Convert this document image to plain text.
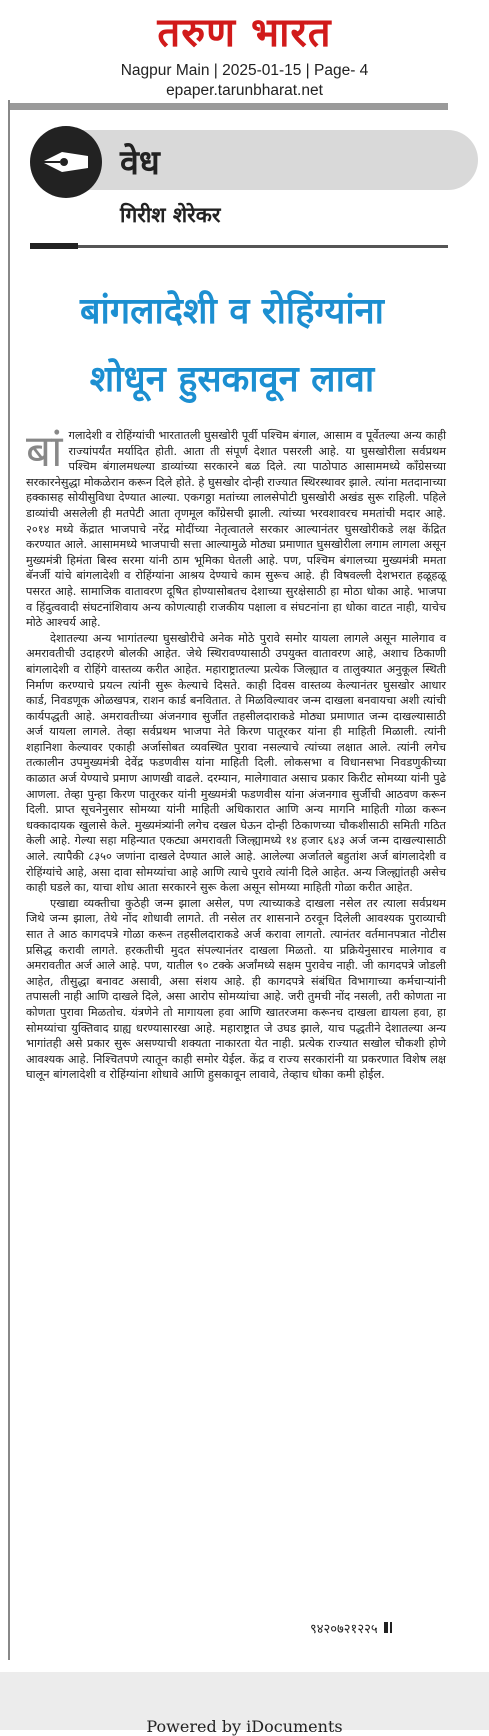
तरुण भारत
Nagpur Main | 2025-01-15 | Page- 4
epaper.tarunbharat.net
वेध
गिरीश शेरेकर
बांगलादेशी व रोहिंग्यांना
शोधून हुसकावून लावा

बांगलादेशी व रोहिंग्यांची भारतातली घुसखोरी पूर्वी पश्चिम बंगाल, आसाम व पूर्वेतल्या अन्य काही राज्यांपर्यंत मर्यादित होती. आता ती संपूर्ण देशात पसरली आहे. या घुसखोरीला सर्वप्रथम पश्चिम बंगालमधल्या डाव्यांच्या सरकारने बळ दिले. त्या पाठोपाठ आसाममध्ये काँग्रेसच्या सरकारनेसुद्धा मोकळेरान करून दिले होते. हे घुसखोर दोन्ही राज्यात स्थिरस्थावर झाले. त्यांना मतदानाच्या हक्कासह सोयीसुविधा देण्यात आल्या. एकगठ्ठा मतांच्या लालसेपोटी घुसखोरी अखंड सुरू राहिली. पहिले डाव्यांची असलेली ही मतपेटी आता तृणमूल काँग्रेसची झाली. त्यांच्या भरवशावरच ममतांची मदार आहे. २०१४ मध्ये केंद्रात भाजपाचे नरेंद्र मोदींच्या नेतृत्वातले सरकार आल्यानंतर घुसखोरीकडे लक्ष केंद्रित करण्यात आले. आसाममध्ये भाजपाची सत्ता आल्यामुळे मोठ्या प्रमाणात घुसखोरीला लगाम लागला असून मुख्यमंत्री हिमंता बिस्व सरमा यांनी ठाम भूमिका घेतली आहे. पण, पश्चिम बंगालच्या मुख्यमंत्री ममता बॅनर्जी यांचे बांगलादेशी व रोहिंग्यांना आश्रय देण्याचे काम सुरूच आहे. ही विषवल्ली देशभरात हळूहळू पसरत आहे. सामाजिक वातावरण दूषित होण्यासोबतच देशाच्या सुरक्षेसाठी हा मोठा धोका आहे. भाजपा व हिंदुत्ववादी संघटनांशिवाय अन्य कोणत्याही राजकीय पक्षाला व संघटनांना हा धोका वाटत नाही, याचेच मोठे आश्चर्य आहे.

देशातल्या अन्य भागांतल्या घुसखोरीचे अनेक मोठे पुरावे समोर यायला लागले असून मालेगाव व अमरावतीची उदाहरणे बोलकी आहेत. जेथे स्थिरावण्यासाठी उपयुक्त वातावरण आहे, अशाच ठिकाणी बांगलादेशी व रोहिंगे वास्तव्य करीत आहेत. महाराष्ट्रातल्या प्रत्येक जिल्ह्यात व तालुक्यात अनुकूल स्थिती निर्माण करण्याचे प्रयत्न त्यांनी सुरू केल्याचे दिसते. काही दिवस वास्तव्य केल्यानंतर घुसखोर आधार कार्ड, निवडणूक ओळखपत्र, राशन कार्ड बनवितात. ते मिळविल्यावर जन्म दाखला बनवायचा अशी त्यांची कार्यपद्धती आहे. अमरावतीच्या अंजनगाव सुर्जीत तहसीलदाराकडे मोठ्या प्रमाणात जन्म दाखल्यासाठी अर्ज यायला लागले. तेव्हा सर्वप्रथम भाजपा नेते किरण पातूरकर यांना ही माहिती मिळाली. त्यांनी शहानिशा केल्यावर एकाही अर्जासोबत व्यवस्थित पुरावा नसल्याचे त्यांच्या लक्षात आले. त्यांनी लगेच तत्कालीन उपमुख्यमंत्री देवेंद्र फडणवीस यांना माहिती दिली. लोकसभा व विधानसभा निवडणुकीच्या काळात अर्ज येण्याचे प्रमाण आणखी वाढले. दरम्यान, मालेगावात असाच प्रकार किरीट सोमय्या यांनी पुढे आणला. तेव्हा पुन्हा किरण पातूरकर यांनी मुख्यमंत्री फडणवीस यांना अंजनगाव सुर्जीची आठवण करून दिली. प्राप्त सूचनेनुसार सोमय्या यांनी माहिती अधिकारात आणि अन्य मागनि माहिती गोळा करून धक्कादायक खुलासे केले. मुख्यमंत्र्यांनी लगेच दखल घेऊन दोन्ही ठिकाणच्या चौकशीसाठी समिती गठित केली आहे. गेल्या सहा महिन्यात एकट्या अमरावती जिल्ह्यामध्ये १४ हजार ६४३ अर्ज जन्म दाखल्यासाठी आले. त्यापैकी ८३५० जणांना दाखले देण्यात आले आहे. आलेल्या अर्जातले बहुतांश अर्ज बांगलादेशी व रोहिंग्यांचे आहे, असा दावा सोमय्यांचा आहे आणि त्याचे पुरावे त्यांनी दिले आहेत. अन्य जिल्ह्यांतही असेच काही घडले का, याचा शोध आता सरकारने सुरू केला असून सोमय्या माहिती गोळा करीत आहेत.

एखाद्या व्यक्तीचा कुठेही जन्म झाला असेल, पण त्याच्याकडे दाखला नसेल तर त्याला सर्वप्रथम जिथे जन्म झाला, तेथे नोंद शोधावी लागते. ती नसेल तर शासनाने ठरवून दिलेली आवश्यक पुराव्याची सात ते आठ कागदपत्रे गोळा करून तहसीलदाराकडे अर्ज करावा लागतो. त्यानंतर वर्तमानपत्रात नोटीस प्रसिद्ध करावी लागते. हरकतीची मुदत संपल्यानंतर दाखला मिळतो. या प्रक्रियेनुसारच मालेगाव व अमरावतीत अर्ज आले आहे. पण, यातील ९० टक्के अर्जांमध्ये सक्षम पुरावेच नाही. जी कागदपत्रे जोडली आहेत, तीसुद्धा बनावट असावी, असा संशय आहे. ही कागदपत्रे संबंधित विभागाच्या कर्मचाऱ्यांनी तपासली नाही आणि दाखले दिले, असा आरोप सोमय्यांचा आहे. जरी तुमची नोंद नसली, तरी कोणता ना कोणता पुरावा मिळतोच. यंत्रणेने तो मागायला हवा आणि खातरजमा करूनच दाखला द्यायला हवा, हा सोमय्यांचा युक्तिवाद ग्राह्य धरण्यासारखा आहे. महाराष्ट्रात जे उघड झाले, याच पद्धतीने देशातल्या अन्य भागांतही असे प्रकार सुरू असण्याची शक्यता नाकारता येत नाही. प्रत्येक राज्यात सखोल चौकशी होणे आवश्यक आहे. निश्चितपणे त्यातून काही समोर येईल. केंद्र व राज्य सरकारांनी या प्रकरणात विशेष लक्ष घालून बांगलादेशी व रोहिंग्यांना शोधावे आणि हुसकावून लावावे, तेव्हाच धोका कमी होईल.

९४२०७२१२२५
Powered by iDocuments
